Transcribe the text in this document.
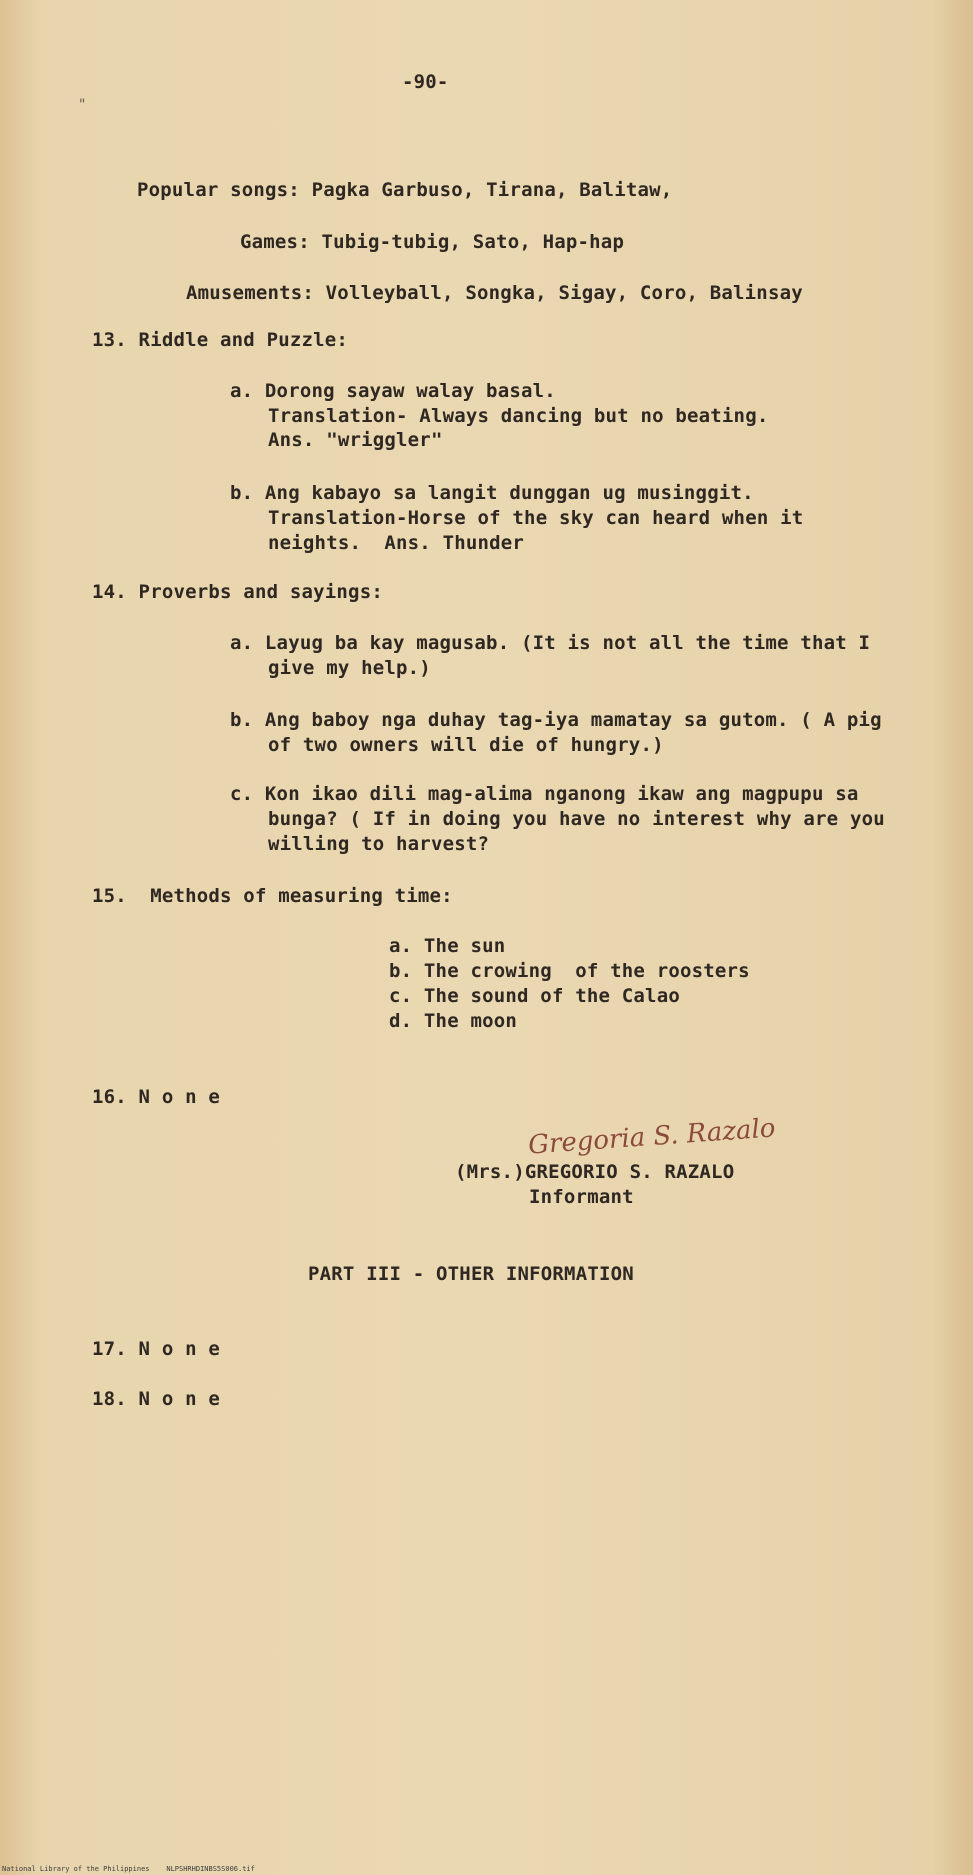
-90-
"
Popular songs: Pagka Garbuso, Tirana, Balitaw,
Games: Tubig-tubig, Sato, Hap-hap
Amusements: Volleyball, Songka, Sigay, Coro, Balinsay
13. Riddle and Puzzle:
a. Dorong sayaw walay basal.
Translation- Always dancing but no beating.
Ans. "wriggler"
b. Ang kabayo sa langit dunggan ug musinggit.
Translation-Horse of the sky can heard when it
neights.  Ans. Thunder
14. Proverbs and sayings:
a. Layug ba kay magusab. (It is not all the time that I
give my help.)
b. Ang baboy nga duhay tag-iya mamatay sa gutom. ( A pig
of two owners will die of hungry.)
c. Kon ikao dili mag-alima nganong ikaw ang magpupu sa
bunga? ( If in doing you have no interest why are you
willing to harvest?
15.  Methods of measuring time:
a. The sun
b. The crowing  of the roosters
c. The sound of the Calao
d. The moon
16. N o n e
Gregoria S. Razalo
(Mrs.)GREGORIO S. RAZALO
Informant
PART III - OTHER INFORMATION
17. N o n e
18. N o n e
National Library of the Philippines    NLPSHRHDINBS5S006.tif
